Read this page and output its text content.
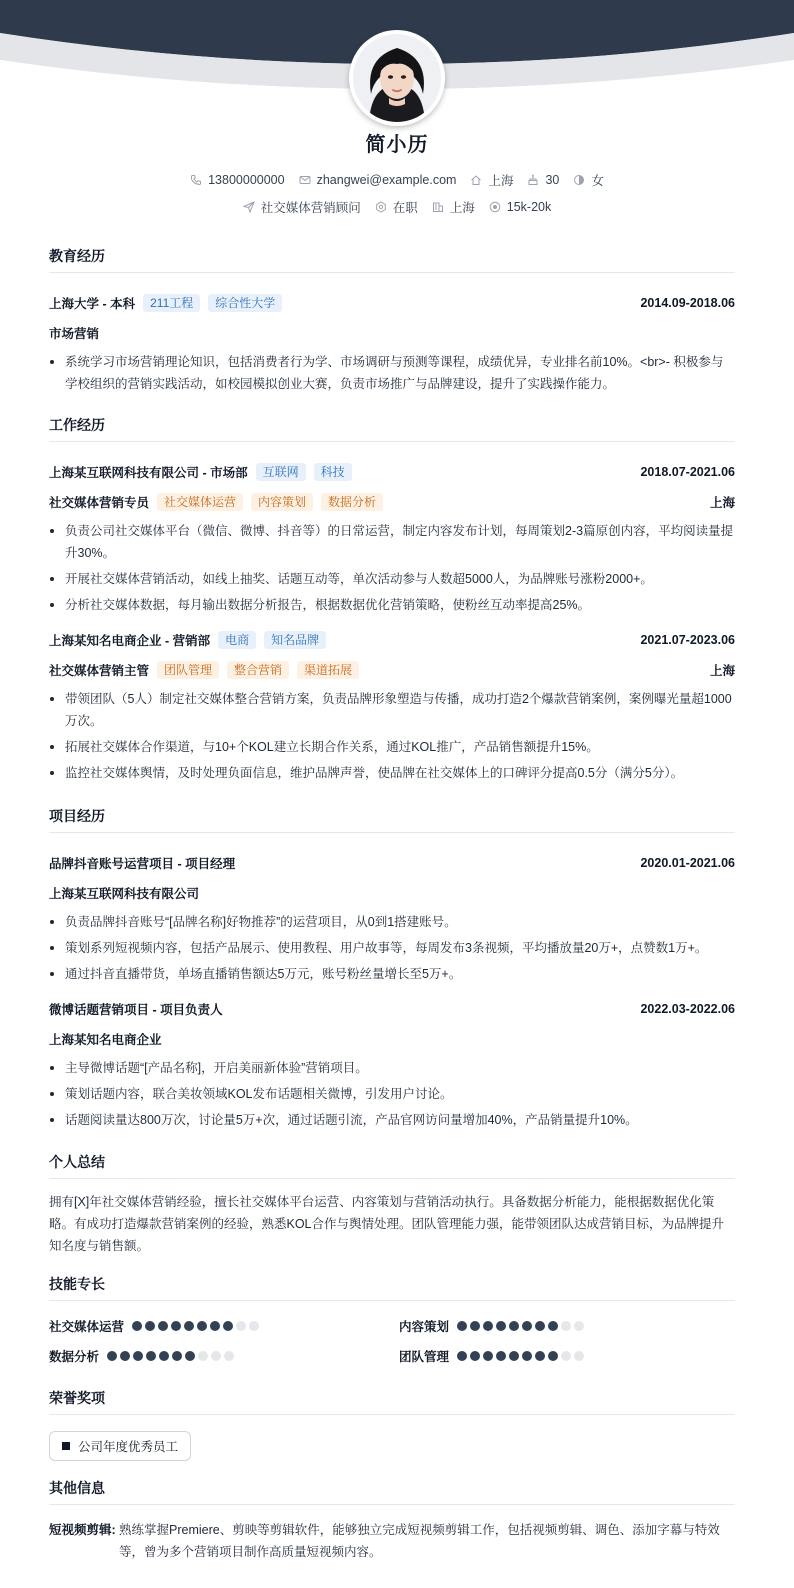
简小历
13800000000	zhangwei@example.com	上海	30	女
社交媒体营销顾问	在职	上海	15k-20k
教育经历
上海大学 - 本科	211工程	综合性大学	2014.09-2018.06
市场营销
系统学习市场营销理论知识，包括消费者行为学、市场调研与预测等课程，成绩优异，专业排名前10%。<br>- 积极参与学校组织的营销实践活动，如校园模拟创业大赛，负责市场推广与品牌建设，提升了实践操作能力。
工作经历
上海某互联网科技有限公司 - 市场部	互联网	科技	2018.07-2021.06
社交媒体营销专员	社交媒体运营	内容策划	数据分析	上海
负责公司社交媒体平台（微信、微博、抖音等）的日常运营，制定内容发布计划，每周策划2-3篇原创内容，平均阅读量提升30%。
开展社交媒体营销活动，如线上抽奖、话题互动等，单次活动参与人数超5000人，为品牌账号涨粉2000+。
分析社交媒体数据，每月输出数据分析报告，根据数据优化营销策略，使粉丝互动率提高25%。
上海某知名电商企业 - 营销部	电商	知名品牌	2021.07-2023.06
社交媒体营销主管	团队管理	整合营销	渠道拓展	上海
带领团队（5人）制定社交媒体整合营销方案，负责品牌形象塑造与传播，成功打造2个爆款营销案例，案例曝光量超1000万次。
拓展社交媒体合作渠道，与10+个KOL建立长期合作关系，通过KOL推广，产品销售额提升15%。
监控社交媒体舆情，及时处理负面信息，维护品牌声誉，使品牌在社交媒体上的口碑评分提高0.5分（满分5分）。
项目经历
品牌抖音账号运营项目 - 项目经理	2020.01-2021.06
上海某互联网科技有限公司
负责品牌抖音账号“[品牌名称]好物推荐”的运营项目，从0到1搭建账号。
策划系列短视频内容，包括产品展示、使用教程、用户故事等，每周发布3条视频，平均播放量20万+，点赞数1万+。
通过抖音直播带货，单场直播销售额达5万元，账号粉丝量增长至5万+。
微博话题营销项目 - 项目负责人	2022.03-2022.06
上海某知名电商企业
主导微博话题“[产品名称]，开启美丽新体验”营销项目。
策划话题内容，联合美妆领域KOL发布话题相关微博，引发用户讨论。
话题阅读量达800万次，讨论量5万+次，通过话题引流，产品官网访问量增加40%，产品销量提升10%。
个人总结
拥有[X]年社交媒体营销经验，擅长社交媒体平台运营、内容策划与营销活动执行。具备数据分析能力，能根据数据优化策略。有成功打造爆款营销案例的经验，熟悉KOL合作与舆情处理。团队管理能力强，能带领团队达成营销目标，为品牌提升知名度与销售额。
技能专长
社交媒体运营	内容策划
数据分析	团队管理
荣誉奖项
公司年度优秀员工
其他信息
短视频剪辑: 熟练掌握Premiere、剪映等剪辑软件，能够独立完成短视频剪辑工作，包括视频剪辑、调色、添加字幕与特效等，曾为多个营销项目制作高质量短视频内容。
